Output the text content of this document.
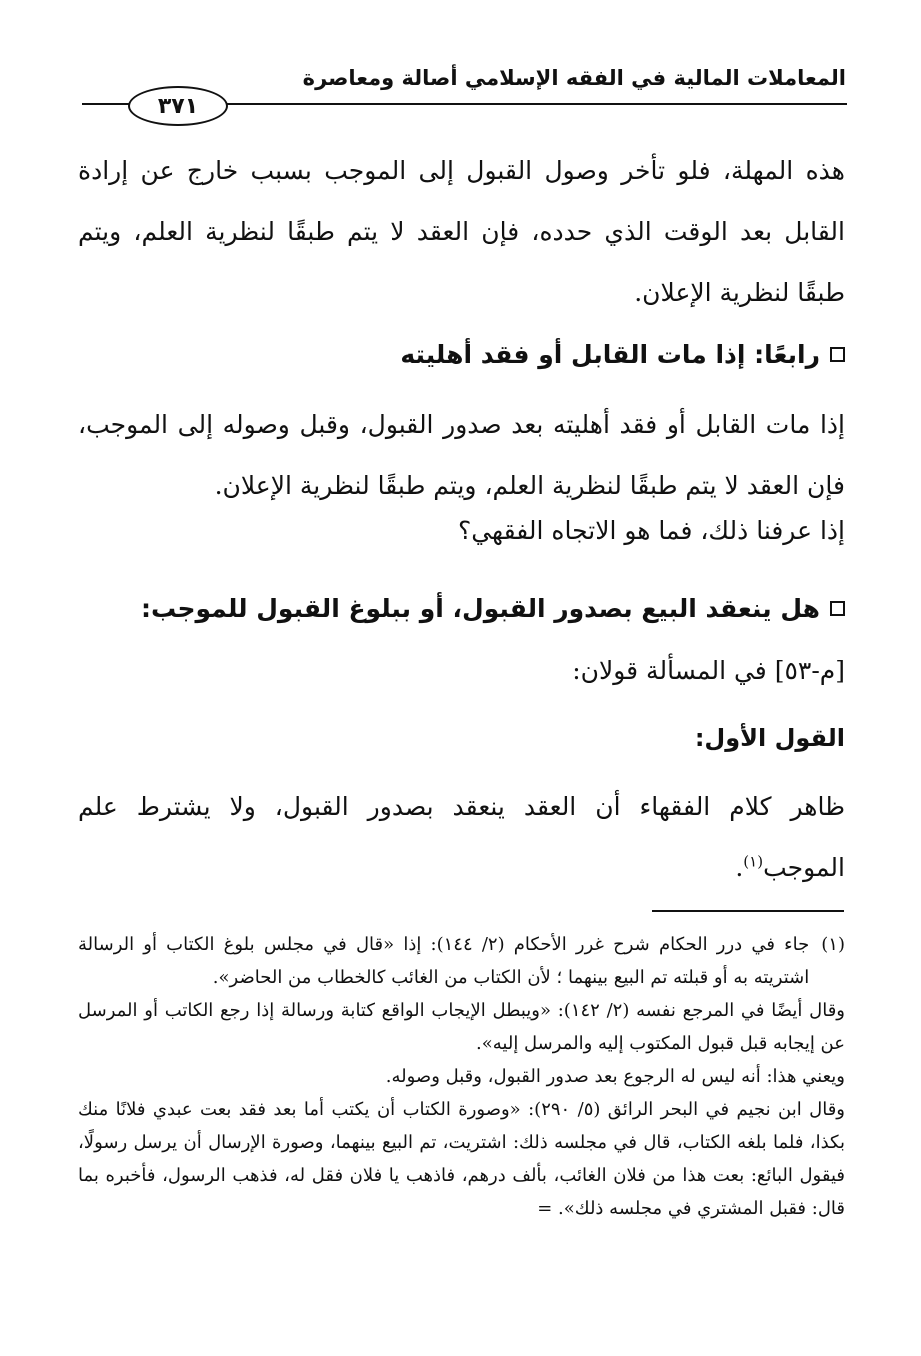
المعاملات المالية في الفقه الإسلامي أصالة ومعاصرة
٣٧١

هذه المهلة، فلو تأخر وصول القبول إلى الموجب بسبب خارج عن إرادة القابل بعد الوقت الذي حدده، فإن العقد لا يتم طبقًا لنظرية العلم، ويتم طبقًا لنظرية الإعلان.

رابعًا: إذا مات القابل أو فقد أهليته

إذا مات القابل أو فقد أهليته بعد صدور القبول، وقبل وصوله إلى الموجب، فإن العقد لا يتم طبقًا لنظرية العلم، ويتم طبقًا لنظرية الإعلان.

إذا عرفنا ذلك، فما هو الاتجاه الفقهي؟
هل ينعقد البيع بصدور القبول، أو ببلوغ القبول للموجب:
[م-٥٣] في المسألة قولان:
القول الأول:

ظاهر كلام الفقهاء أن العقد ينعقد بصدور القبول، ولا يشترط علم الموجب$^{(١)}$.

(١)

جاء في درر الحكام شرح غرر الأحكام (٢/ ١٤٤): إذا «قال في مجلس بلوغ الكتاب أو الرسالة اشتريته به أو قبلته تم البيع بينهما ؛ لأن الكتاب من الغائب كالخطاب من الحاضر».

وقال أيضًا في المرجع نفسه (٢/ ١٤٢): «ويبطل الإيجاب الواقع كتابة ورسالة إذا رجع الكاتب أو المرسل عن إيجابه قبل قبول المكتوب إليه والمرسل إليه».

ويعني هذا: أنه ليس له الرجوع بعد صدور القبول، وقبل وصوله.

وقال ابن نجيم في البحر الرائق (٥/ ٢٩٠): «وصورة الكتاب أن يكتب أما بعد فقد بعت عبدي فلانًا منك بكذا، فلما بلغه الكتاب، قال في مجلسه ذلك: اشتريت، تم البيع بينهما، وصورة الإرسال أن يرسل رسولًا، فيقول البائع: بعت هذا من فلان الغائب، بألف درهم، فاذهب يا فلان فقل له، فذهب الرسول، فأخبره بما قال: فقبل المشتري في مجلسه ذلك». =
